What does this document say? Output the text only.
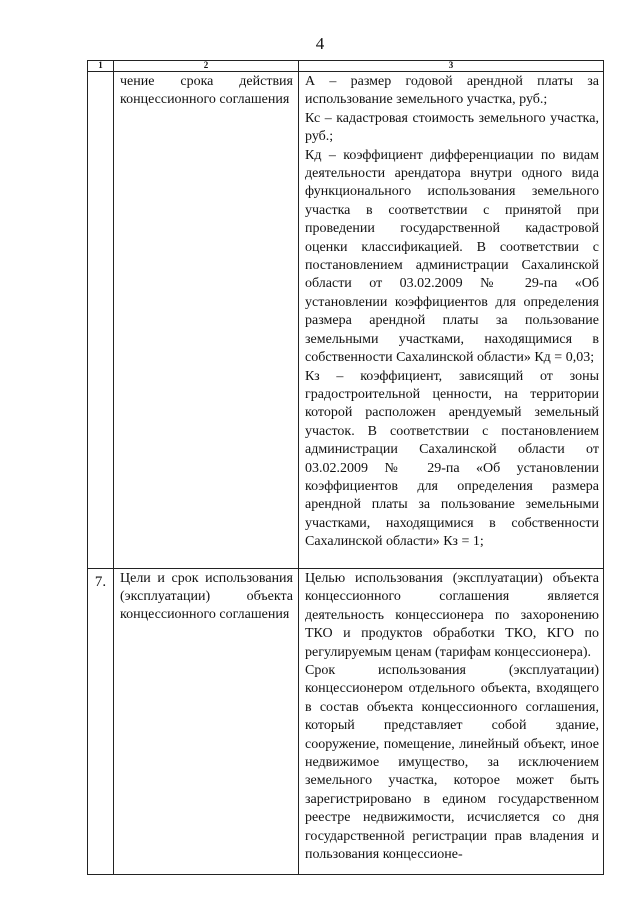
4
1	2	3
	чение срока действия концессионного соглашения	А – размер годовой арендной платы за использование земельного участка, руб.;

Кс – кадастровая стоимость земельного участка, руб.;

Кд – коэффициент дифференциации по видам деятельности арендатора внутри одного вида функционального использования земельного участка в соответствии с принятой при проведении государственной кадастровой оценки классификацией. В соответствии с постановлением администрации Сахалинской области от 03.02.2009 № 29-па «Об установлении коэффициентов для определения размера арендной платы за пользование земельными участками, находящимися в собственности Сахалинской области» Кд = 0,03;

Кз – коэффициент, зависящий от зоны градостроительной ценности, на территории которой расположен арендуемый земельный участок. В соответствии с постановлением администрации Сахалинской области от 03.02.2009 № 29-па «Об установлении коэффициентов для определения размера арендной платы за пользование земельными участками, находящимися в собственности Сахалинской области» Кз = 1;

7.	Цели и срок использования (эксплуатации) объекта концессионного соглашения	Целью использования (эксплуатации) объекта концессионного соглашения является деятельность концессионера по захоронению ТКО и продуктов обработки ТКО, КГО по регулируемым ценам (тарифам концессионера).

Срок использования (эксплуатации) концессионером отдельного объекта, входящего в состав объекта концессионного соглашения, который представляет собой здание, сооружение, помещение, линейный объект, иное недвижимое имущество, за исключением земельного участка, которое может быть зарегистрировано в едином государственном реестре недвижимости, исчисляется со дня государственной регистрации прав владения и пользования концессионе-
